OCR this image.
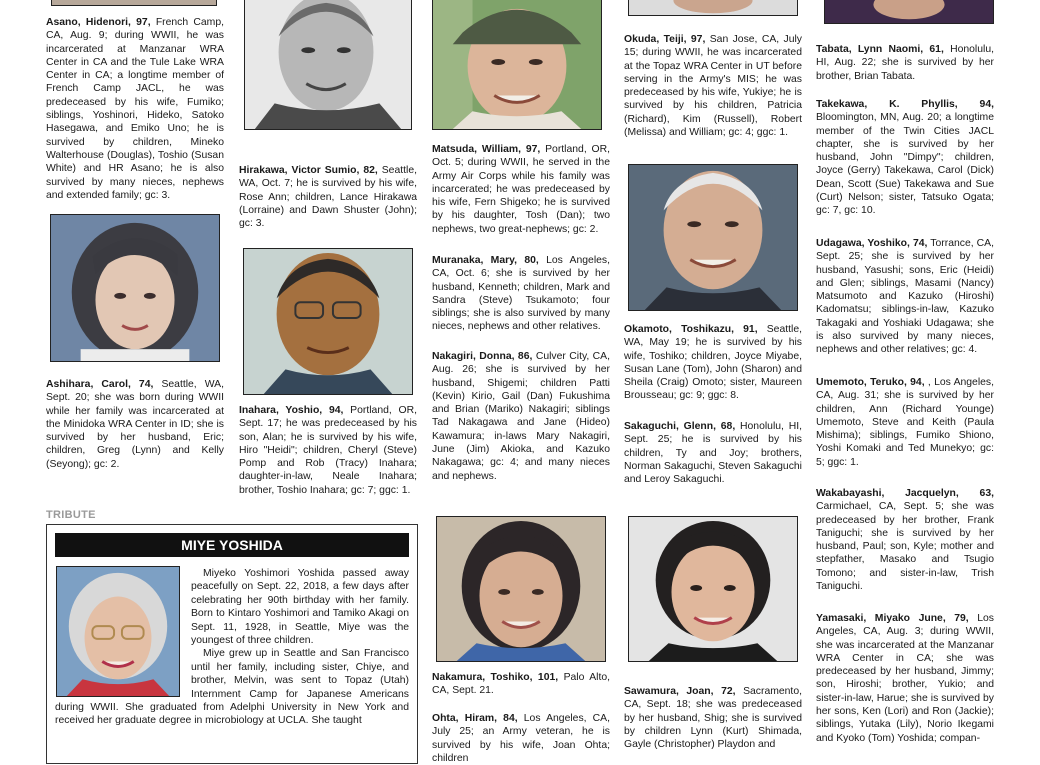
Asano, Hidenori, 97, French Camp, CA, Aug. 9; during WWII, he was incarcerated at Manzanar WRA Center in CA and the Tule Lake WRA Center in CA; a longtime member of French Camp JACL, he was predeceased by his wife, Fumiko; siblings, Yoshinori, Hideko, Satoko Hasegawa, and Emiko Uno; he is survived by children, Mineko Walterhouse (Douglas), Toshio (Susan White) and HR Asano; he is also survived by many nieces, nephews and extended family; gc: 3.

Ashihara, Carol, 74, Seattle, WA, Sept. 20; she was born during WWII while her family was incarcerated at the Minidoka WRA Center in ID; she is survived by her husband, Eric; children, Greg (Lynn) and Kelly (Seyong); gc: 2.

Hirakawa, Victor Sumio, 82, Seattle, WA, Oct. 7; he is survived by his wife, Rose Ann; children, Lance Hirakawa (Lorraine) and Dawn Shuster (John); gc: 3.

Inahara, Yoshio, 94, Portland, OR, Sept. 17; he was predeceased by his son, Alan; he is survived by his wife, Hiro "Heidi"; children, Cheryl (Steve) Pomp and Rob (Tracy) Inahara; daughter-in-law, Neale Inahara; brother, Toshio Inahara; gc: 7; ggc: 1.

Matsuda, William, 97, Portland, OR, Oct. 5; during WWII, he served in the Army Air Corps while his family was incarcerated; he was predeceased by his wife, Fern Shigeko; he is survived by his daughter, Tosh (Dan); two nephews, two great-nephews; gc: 2.

Muranaka, Mary, 80, Los Angeles, CA, Oct. 6; she is survived by her husband, Kenneth; children, Mark and Sandra (Steve) Tsukamoto; four siblings; she is also survived by many nieces, nephews and other relatives.

Nakagiri, Donna, 86, Culver City, CA, Aug. 26; she is survived by her husband, Shigemi; children Patti (Kevin) Kirio, Gail (Dan) Fukushima and Brian (Mariko) Nakagiri; siblings Tad Nakagawa and Jane (Hideo) Kawamura; in-laws Mary Nakagiri, June (Jim) Akioka, and Kazuko Nakagawa; gc: 4; and many nieces and nephews.

Nakamura, Toshiko, 101, Palo Alto, CA, Sept. 21.

Ohta, Hiram, 84, Los Angeles, CA, July 25; an Army veteran, he is survived by his wife, Joan Ohta; children

Okuda, Teiji, 97, San Jose, CA, July 15; during WWII, he was incarcerated at the Topaz WRA Center in UT before serving in the Army's MIS; he was predeceased by his wife, Yukiye; he is survived by his children, Patricia (Richard), Kim (Russell), Robert (Melissa) and William; gc: 4; ggc: 1.

Okamoto, Toshikazu, 91, Seattle, WA, May 19; he is survived by his wife, Toshiko; children, Joyce Miyabe, Susan Lane (Tom), John (Sharon) and Sheila (Craig) Omoto; sister, Maureen Brousseau; gc: 9; ggc: 8.

Sakaguchi, Glenn, 68, Honolulu, HI, Sept. 25; he is survived by his children, Ty and Joy; brothers, Norman Sakaguchi, Steven Sakaguchi and Leroy Sakaguchi.

Sawamura, Joan, 72, Sacramento, CA, Sept. 18; she was predeceased by her husband, Shig; she is survived by children Lynn (Kurt) Shimada, Gayle (Christopher) Playdon and

Tabata, Lynn Naomi, 61, Honolulu, HI, Aug. 22; she is survived by her brother, Brian Tabata.

Takekawa, K. Phyllis, 94, Bloomington, MN, Aug. 20; a longtime member of the Twin Cities JACL chapter, she is survived by her husband, John "Dimpy"; children, Joyce (Gerry) Takekawa, Carol (Dick) Dean, Scott (Sue) Takekawa and Sue (Curt) Nelson; sister, Tatsuko Ogata; gc: 7, gc: 10.

Udagawa, Yoshiko, 74, Torrance, CA, Sept. 25; she is survived by her husband, Yasushi; sons, Eric (Heidi) and Glen; siblings, Masami (Nancy) Matsumoto and Kazuko (Hiroshi) Kadomatsu; siblings-in-law, Kazuko Takagaki and Yoshiaki Udagawa; she is also survived by many nieces, nephews and other relatives; gc: 4.

Umemoto, Teruko, 94, , Los Angeles, CA, Aug. 31; she is survived by her children, Ann (Richard Younge) Umemoto, Steve and Keith (Paula Mishima); siblings, Fumiko Shiono, Yoshi Komaki and Ted Munekyo; gc: 5; ggc: 1.

Wakabayashi, Jacquelyn, 63, Carmichael, CA, Sept. 5; she was predeceased by her brother, Frank Taniguchi; she is survived by her husband, Paul; son, Kyle; mother and stepfather, Masako and Tsugio Tomono; and sister-in-law, Trish Taniguchi.

Yamasaki, Miyako June, 79, Los Angeles, CA, Aug. 3; during WWII, she was incarcerated at the Manzanar WRA Center in CA; she was predeceased by her husband, Jimmy; son, Hiroshi; brother, Yukio; and sister-in-law, Harue; she is survived by her sons, Ken (Lori) and Ron (Jackie); siblings, Yutaka (Lily), Norio Ikegami and Kyoko (Tom) Yoshida; compan-

TRIBUTE
MIYE YOSHIDA
Miyeko Yoshimori Yoshida passed away peacefully on Sept. 22, 2018, a few days after celebrating her 90th birthday with her family. Born to Kintaro Yoshimori and Tamiko Akagi on Sept. 11, 1928, in Seattle, Miye was the youngest of three children.
Miye grew up in Seattle and San Francisco until her family, including sister, Chiye, and brother, Melvin, was sent to Topaz (Utah) Internment Camp for Japanese Americans during WWII. She graduated from Adelphi University in New York and received her graduate degree in microbiology at UCLA. She taught
